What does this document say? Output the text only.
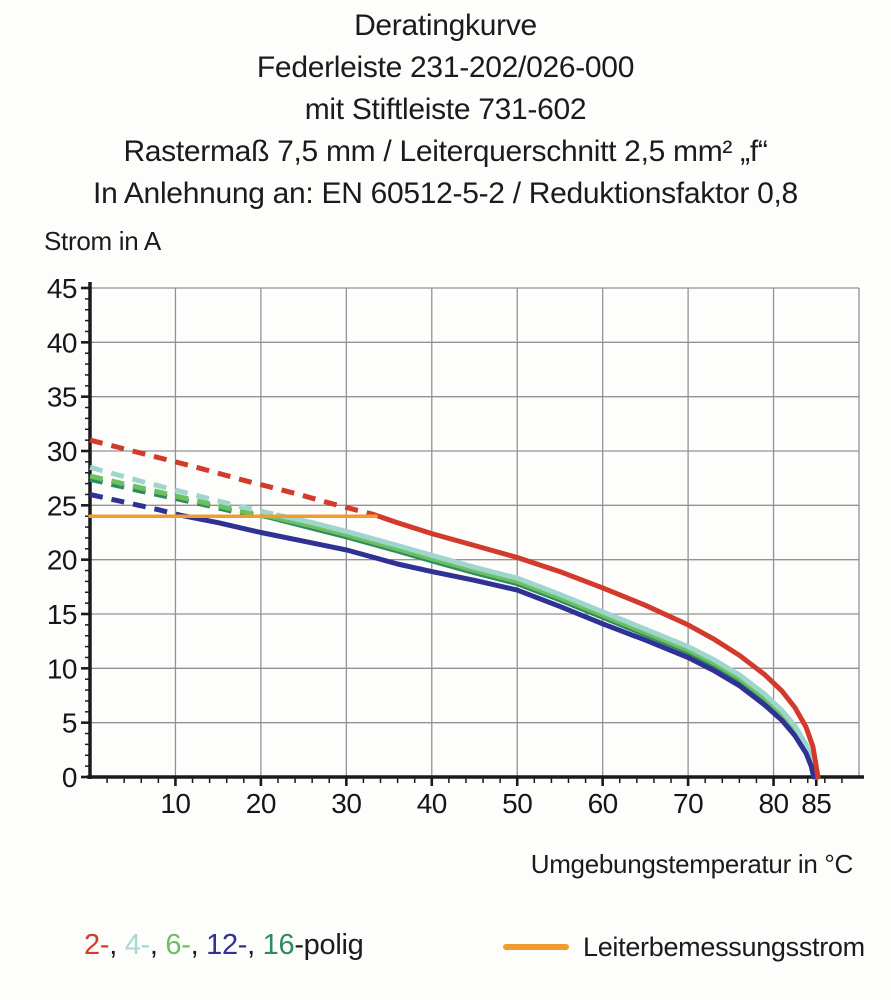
Deratingkurve
Federleiste 231-202/026-000
mit Stiftleiste 731-602
Rastermaß 7,5 mm / Leiterquerschnitt 2,5 mm² „f“
In Anlehnung an: EN 60512-5-2 / Reduktionsfaktor 0,8
Strom in A
10 20 30 40 50 60 70 80 85
0
5
10
15
20
25
30
35
40
45
Umgebungstemperatur in °C
2-, 4-, 6-, 12-, 16-polig	Leiterbemessungsstrom
